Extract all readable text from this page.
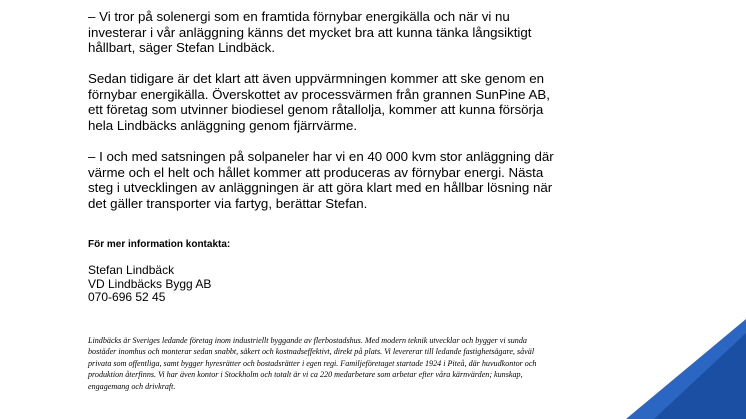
– Vi tror på solenergi som en framtida förnybar energikälla och när vi nu
investerar i vår anläggning känns det mycket bra att kunna tänka långsiktigt
hållbart, säger Stefan Lindbäck.

Sedan tidigare är det klart att även uppvärmningen kommer att ske genom en
förnybar energikälla. Överskottet av processvärmen från grannen SunPine AB,
ett företag som utvinner biodiesel genom råtallolja, kommer att kunna försörja
hela Lindbäcks anläggning genom fjärrvärme.

– I och med satsningen på solpaneler har vi en 40 000 kvm stor anläggning där
värme och el helt och hållet kommer att produceras av förnybar energi. Nästa
steg i utvecklingen av anläggningen är att göra klart med en hållbar lösning när
det gäller transporter via fartyg, berättar Stefan.

För mer information kontakta:

Stefan Lindbäck
VD Lindbäcks Bygg AB
070-696 52 45

Lindbäcks är Sveriges ledande företag inom industriellt byggande av flerbostadshus. Med modern teknik utvecklar och bygger vi sunda
bostäder inomhus och monterar sedan snabbt, säkert och kostnadseffektivt, direkt på plats. Vi levererar till ledande fastighetsägare, såväl
privata som offentliga, samt bygger hyresrätter och bostadsrätter i egen regi. Familjeföretaget startade 1924 i Piteå, där huvudkontor och
produktion återfinns. Vi har även kontor i Stockholm och totalt är vi ca 220 medarbetare som arbetar efter våra kärnvärden; kunskap,
engagemang och drivkraft.
